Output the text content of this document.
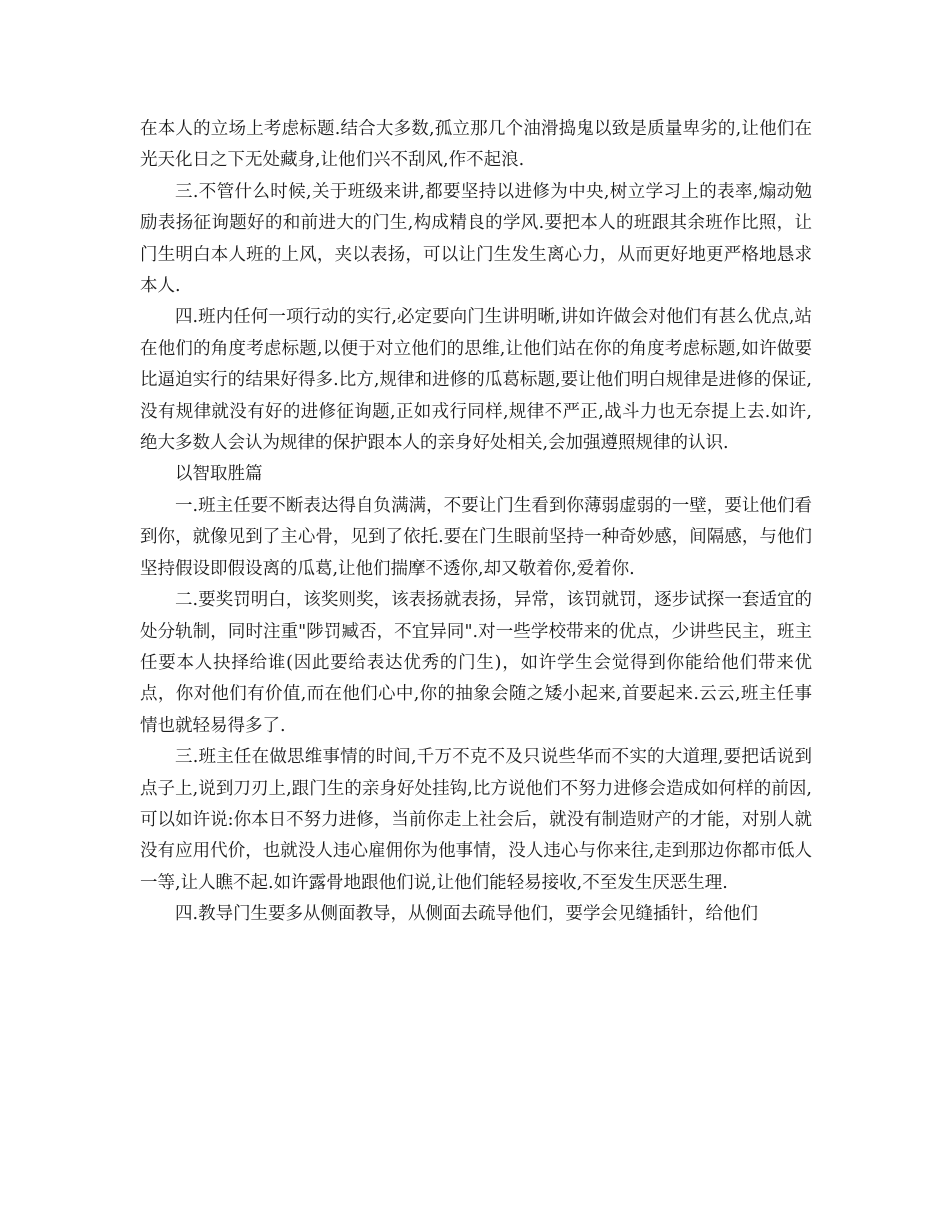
在本人的立场上考虑标题.结合大多数,孤立那几个油滑捣鬼以致是质量卑劣的,让他们在光天化日之下无处藏身,让他们兴不刮风,作不起浪.

三.不管什么时候,关于班级来讲,都要坚持以进修为中央,树立学习上的表率,煽动勉励表扬征询题好的和前进大的门生,构成精良的学风.要把本人的班跟其余班作比照，让门生明白本人班的上风，夹以表扬，可以让门生发生离心力，从而更好地更严格地恳求本人.

四.班内任何一项行动的实行,必定要向门生讲明晰,讲如许做会对他们有甚么优点,站在他们的角度考虑标题,以便于对立他们的思维,让他们站在你的角度考虑标题,如许做要比逼迫实行的结果好得多.比方,规律和进修的瓜葛标题,要让他们明白规律是进修的保证,没有规律就没有好的进修征询题,正如戎行同样,规律不严正,战斗力也无奈提上去.如许,绝大多数人会认为规律的保护跟本人的亲身好处相关,会加强遵照规律的认识.

以智取胜篇

一.班主任要不断表达得自负满满，不要让门生看到你薄弱虚弱的一壁，要让他们看到你，就像见到了主心骨，见到了依托.要在门生眼前坚持一种奇妙感，间隔感，与他们坚持假设即假设离的瓜葛,让他们揣摩不透你,却又敬着你,爱着你.

二.要奖罚明白，该奖则奖，该表扬就表扬，异常，该罚就罚，逐步试探一套适宜的处分轨制，同时注重"陟罚臧否，不宜异同".对一些学校带来的优点，少讲些民主，班主任要本人抉择给谁(因此要给表达优秀的门生)，如许学生会觉得到你能给他们带来优点，你对他们有价值,而在他们心中,你的抽象会随之矮小起来,首要起来.云云,班主任事情也就轻易得多了.

三.班主任在做思维事情的时间,千万不克不及只说些华而不实的大道理,要把话说到点子上,说到刀刃上,跟门生的亲身好处挂钩,比方说他们不努力进修会造成如何样的前因,可以如许说:你本日不努力进修，当前你走上社会后，就没有制造财产的才能，对别人就没有应用代价，也就没人违心雇佣你为他事情，没人违心与你来往,走到那边你都市低人一等,让人瞧不起.如许露骨地跟他们说,让他们能轻易接收,不至发生厌恶生理.

四.教导门生要多从侧面教导，从侧面去疏导他们，要学会见缝插针，给他们
